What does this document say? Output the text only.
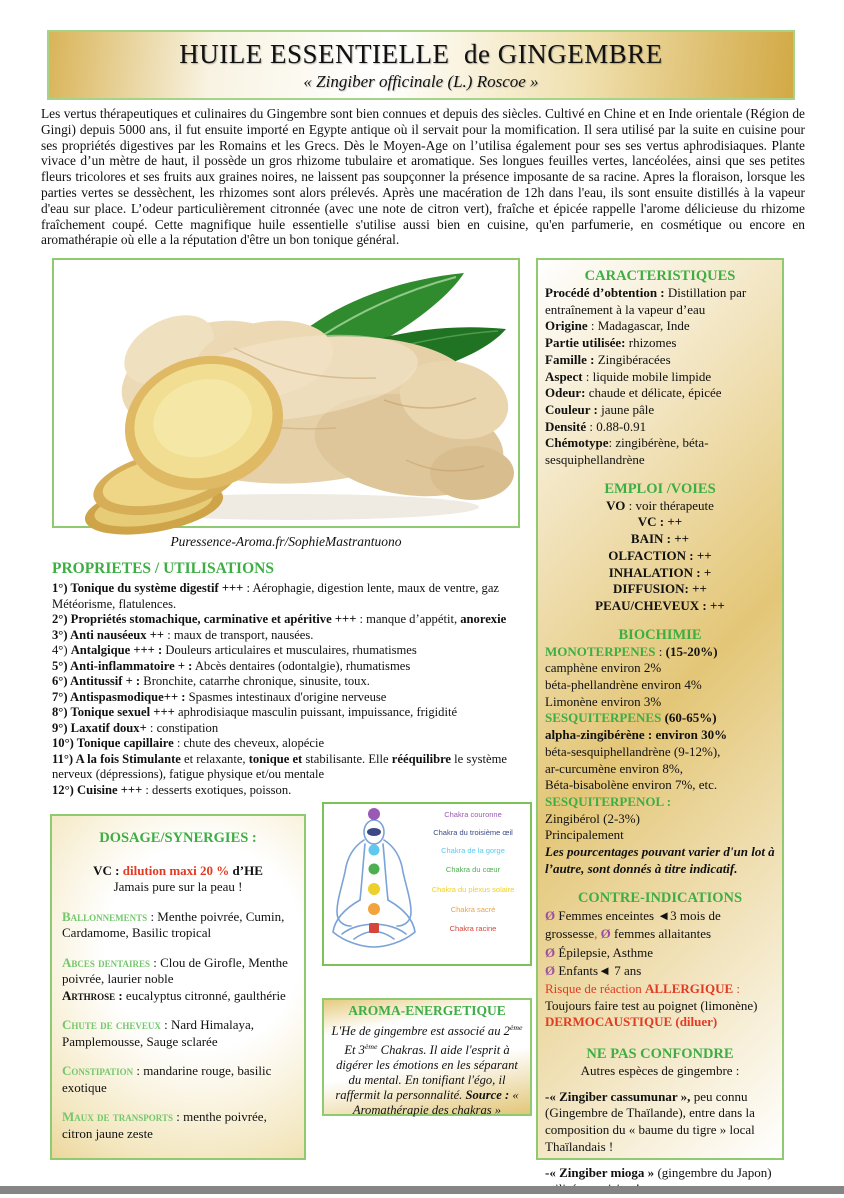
HUILE ESSENTIELLE  de GINGEMBRE
« Zingiber officinale (L.) Roscoe »

Les vertus thérapeutiques et culinaires du Gingembre sont bien connues et depuis des siècles. Cultivé en Chine et en Inde orientale (Région de Gingi) depuis 5000 ans, il fut ensuite importé en Egypte antique où il servait pour la momification. Il sera utilisé par la suite en cuisine pour ses propriétés digestives par les Romains et les Grecs. Dès le Moyen-Age on l’utilisa également pour ses ses vertus aphrodisiaques. Plante vivace d’un mètre de haut, il possède un gros rhizome tubulaire et aromatique. Ses longues feuilles vertes, lancéolées, ainsi que ses petites fleurs tricolores et ses fruits aux graines noires, ne laissent pas soupçonner la présence imposante de sa racine. Apres la floraison, lorsque les parties vertes se dessèchent, les rhizomes sont alors prélevés. Après une macération de 12h dans l'eau, ils sont ensuite distillés à la vapeur d'eau sur place. L’odeur particulièrement citronnée (avec une note de citron vert), fraîche et épicée rappelle l'arome délicieuse du rhizome fraîchement coupé. Cette magnifique huile essentielle s'utilise aussi bien en cuisine, qu'en parfumerie, en cosmétique ou encore en aromathérapie où elle a la réputation d'être un bon tonique général.

Puressence-Aroma.fr/SophieMastrantuono
PROPRIETES / UTILISATIONS
1°) Tonique du système digestif +++ : Aérophagie, digestion lente, maux de ventre, gaz Météorisme, flatulences.
2°) Propriétés stomachique, carminative et apéritive +++ : manque d’appétit, anorexie
3°) Anti nauséeux ++ : maux de transport, nausées.
4°) Antalgique +++ : Douleurs articulaires et musculaires, rhumatismes
5°) Anti-inflammatoire + : Abcès dentaires (odontalgie), rhumatismes
6°) Antitussif + : Bronchite, catarrhe chronique, sinusite, toux.
7°) Antispasmodique++ : Spasmes intestinaux d'origine nerveuse
8°) Tonique sexuel +++ aphrodisiaque masculin puissant, impuissance, frigidité
9°) Laxatif doux+ : constipation
10°) Tonique capillaire : chute des cheveux, alopécie
11°) A la fois Stimulante et relaxante, tonique et stabilisante. Elle rééquilibre le système nerveux (dépressions), fatigue physique et/ou mentale
12°) Cuisine +++ : desserts exotiques, poisson.
CARACTERISTIQUES
Procédé d’obtention : Distillation par entraînement à la vapeur d’eau
Origine : Madagascar, Inde
Partie utilisée: rhizomes
Famille : Zingibéracées
Aspect : liquide mobile limpide
Odeur: chaude et délicate, épicée
Couleur : jaune pâle
Densité : 0.88-0.91
Chémotype: zingibérène, béta-sesquiphellandrène
EMPLOI /VOIES
VO : voir thérapeute
VC : ++
BAIN : ++
OLFACTION : ++
INHALATION : +
DIFFUSION: ++
PEAU/CHEVEUX : ++
BIOCHIMIE
MONOTERPENES : (15-20%)
camphène environ 2%
béta-phellandrène environ 4%
Limonène environ 3%
SESQUITERPENES (60-65%)
alpha-zingibérène : environ 30%
béta-sesquiphellandrène (9-12%),
ar-curcumène environ 8%,
Béta-bisabolène environ 7%, etc.
SESQUITERPENOL :
Zingibérol (2-3%)
Principalement
Les pourcentages pouvant varier d'un lot à l’autre, sont donnés à titre indicatif.
CONTRE-INDICATIONS
Ø Femmes enceintes ◄3 mois de grossesse, Ø femmes allaitantes
Ø Épilepsie, Asthme
Ø Enfants◄ 7 ans
Risque de réaction ALLERGIQUE :
Toujours faire test au poignet (limonène)
DERMOCAUSTIQUE (diluer)
NE PAS CONFONDRE
Autres espèces de gingembre :

-« Zingiber cassumunar », peu connu (Gingembre de Thaïlande), entre dans la composition du « baume du tigre » local Thaïlandais !

-« Zingiber mioga » (gingembre du Japon)

DOSAGE/SYNERGIES :
VC : dilution maxi 20 % d’HE
Jamais pure sur la peau !

Ballonnements : Menthe poivrée, Cumin, Cardamome, Basilic tropical

Abces dentaires : Clou de Girofle, Menthe poivrée, laurier noble

Arthrose : eucalyptus citronné, gaulthérie

Chute de cheveux : Nard Himalaya, Pamplemousse, Sauge sclarée

Constipation : mandarine rouge, basilic exotique

Maux de transports : menthe poivrée, citron jaune zeste

Chakra couronne
Chakra du troisième œil
Chakra de la gorge
Chakra du cœur
Chakra du plexus solaire
Chakra sacré
Chakra racine
AROMA-ENERGETIQUE
L'He de gingembre est associé au 2ème Et 3ème Chakras. Il aide l'esprit à digérer les émotions en les séparant du mental. En tonifiant l'égo, il raffermit la personnalité. Source : « Aromathérapie des chakras »
